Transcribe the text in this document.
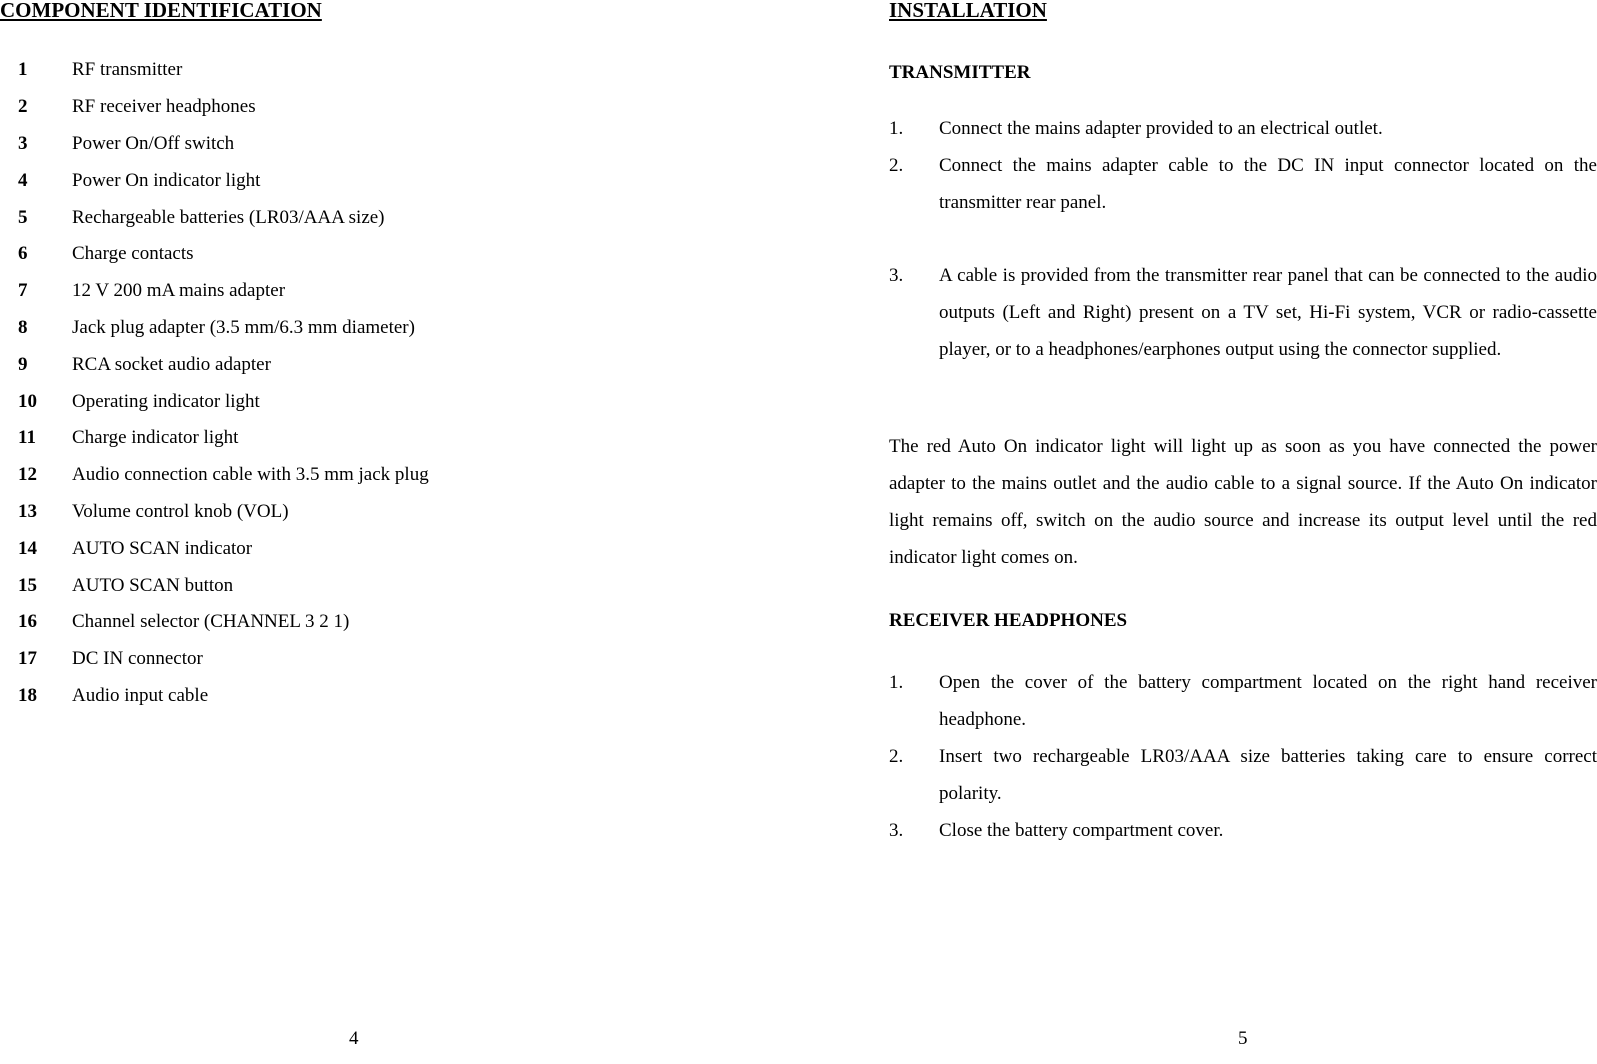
COMPONENT IDENTIFICATION
1	RF transmitter
2	RF receiver headphones
3	Power On/Off switch
4	Power On indicator light
5	Rechargeable batteries (LR03/AAA size)
6	Charge contacts
7	12 V 200 mA mains adapter
8	Jack plug adapter (3.5 mm/6.3 mm diameter)
9	RCA socket audio adapter
10	Operating indicator light
11	Charge indicator light
12	Audio connection cable with 3.5 mm jack plug
13	Volume control knob (VOL)
14	AUTO SCAN indicator
15	AUTO SCAN button
16	Channel selector (CHANNEL 3 2 1)
17	DC IN connector
18	Audio input cable
4
INSTALLATION
TRANSMITTER
1.	Connect the mains adapter provided to an electrical outlet.
2.	Connect the mains adapter cable to the DC IN input connector located on the transmitter rear panel.
3.	A cable is provided from the transmitter rear panel that can be connected to the audio outputs (Left and Right) present on a TV set, Hi-Fi system, VCR or radio-cassette player, or to a headphones/earphones output using the connector supplied.

The red Auto On indicator light will light up as soon as you have connected the power adapter to the mains outlet and the audio cable to a signal source. If the Auto On indicator light remains off, switch on the audio source and increase its output level until the red indicator light comes on.

RECEIVER HEADPHONES
1.	Open the cover of the battery compartment located on the right hand receiver headphone.
2.	Insert two rechargeable LR03/AAA size batteries taking care to ensure correct polarity.
3.	Close the battery compartment cover.
5
